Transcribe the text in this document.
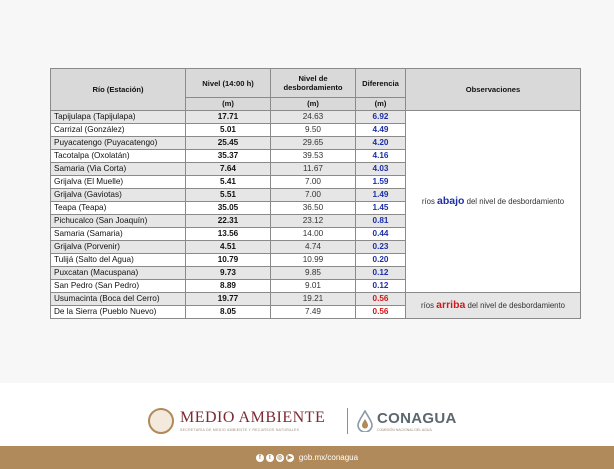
Río (Estación)	Nivel (14:00 h)	Nivel de desbordamiento	Diferencia	Observaciones
	(m)	(m)	(m)	
Tapijulapa (Tapijulapa)	17.71	24.63	6.92	ríos abajo del nivel de desbordamiento
Carrizal (González)	5.01	9.50	4.49	
Puyacatengo (Puyacatengo)	25.45	29.65	4.20	
Tacotalpa (Oxolatán)	35.37	39.53	4.16	
Samaria (Via Corta)	7.64	11.67	4.03	
Grijalva (El Muelle)	5.41	7.00	1.59	
Grijalva (Gaviotas)	5.51	7.00	1.49	
Teapa (Teapa)	35.05	36.50	1.45	
Pichucalco (San Joaquín)	22.31	23.12	0.81	
Samaria (Samaria)	13.56	14.00	0.44	
Grijalva (Porvenir)	4.51	4.74	0.23	
Tulijá (Salto del Agua)	10.79	10.99	0.20	
Puxcatan (Macuspana)	9.73	9.85	0.12	
San Pedro (San Pedro)	8.89	9.01	0.12	
Usumacinta (Boca del Cerro)	19.77	19.21	0.56	ríos arriba del nivel de desbordamiento
De la Sierra (Pueblo Nuevo)	8.05	7.49	0.56	
MEDIO AMBIENTE
SECRETARÍA DE MEDIO AMBIENTE Y RECURSOS NATURALES
CONAGUA
COMISIÓN NACIONAL DEL AGUA
f	t	◎ ▶ gob.mx/conagua
